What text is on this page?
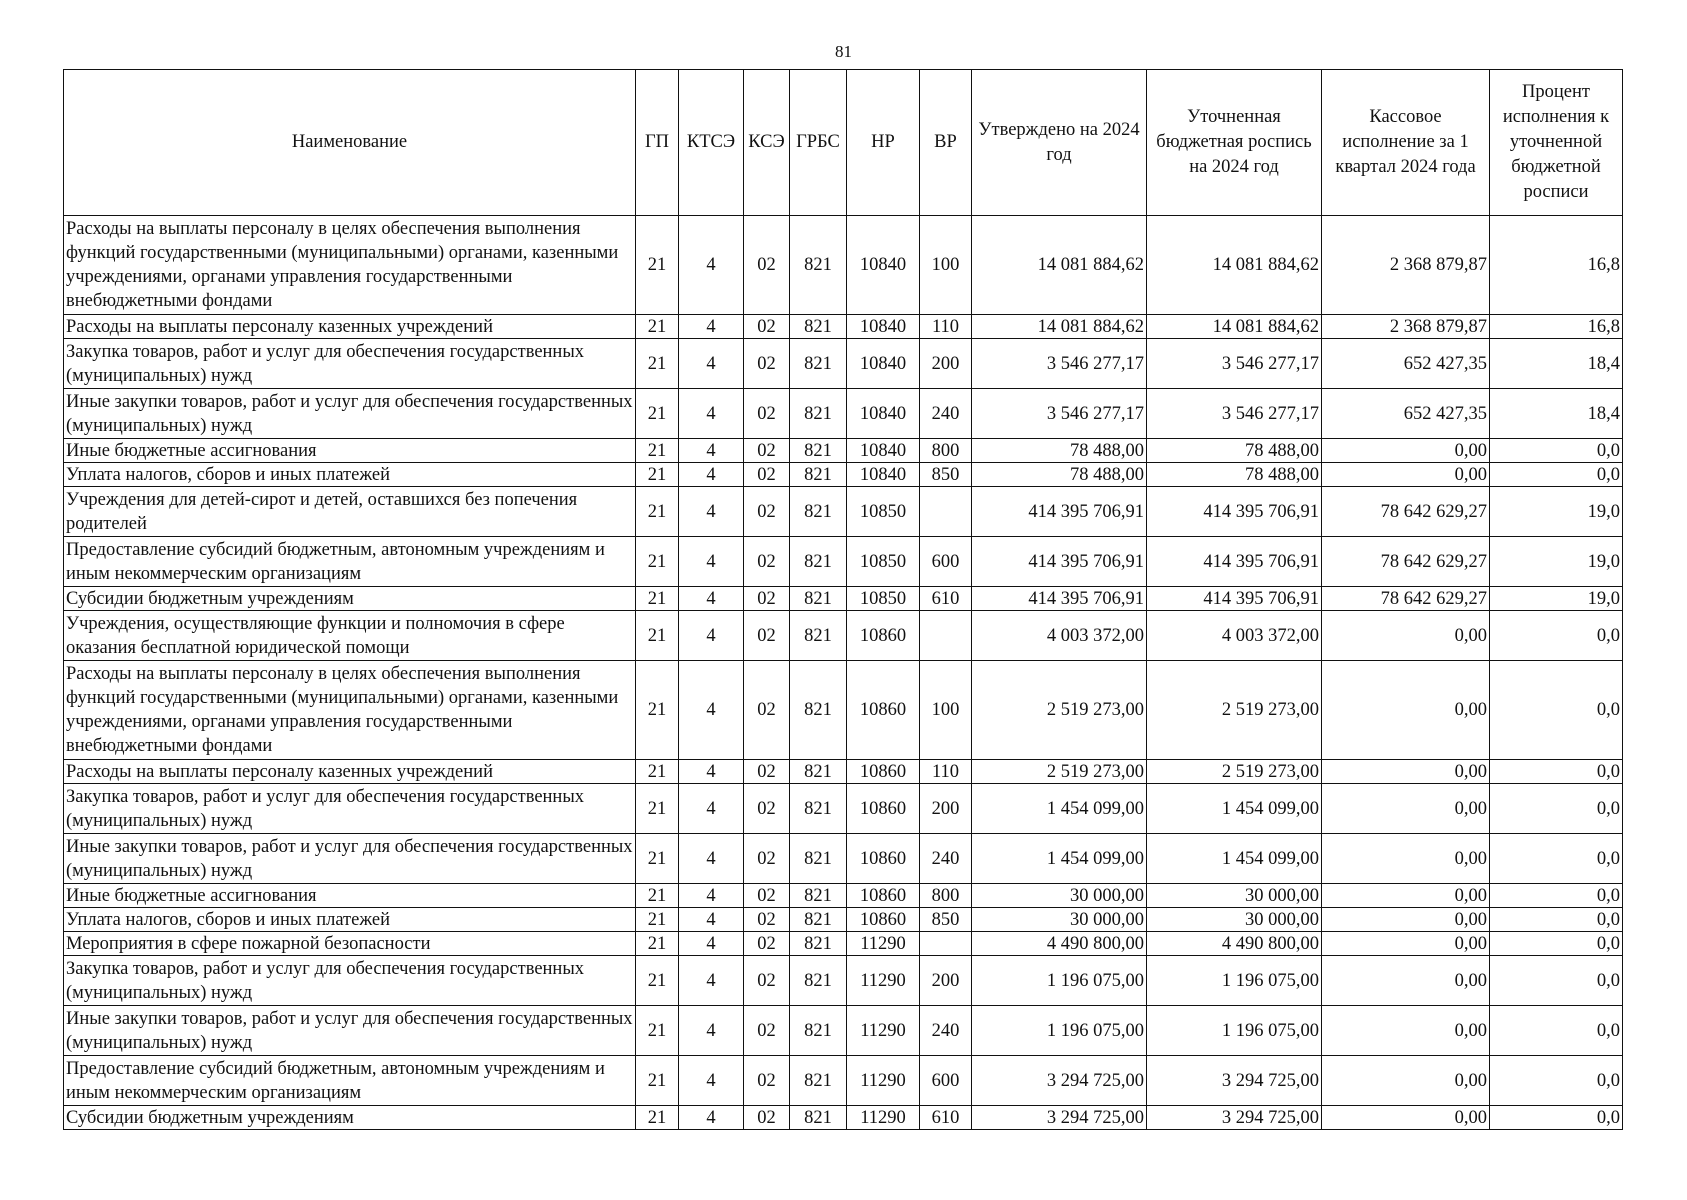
81
Наименование	ГП	КТСЭ	КСЭ	ГРБС	НР	ВР	Утверждено на 2024 год	Уточненная бюджетная роспись на 2024 год	Кассовое исполнение за 1 квартал 2024 года	Процент исполнения к уточненной бюджетной росписи
Расходы на выплаты персоналу в целях обеспечения выполнения функций государственными (муниципальными) органами, казенными учреждениями, органами управления государственными внебюджетными фондами	21	4	02	821	10840	100	14 081 884,62	14 081 884,62	2 368 879,87	16,8
Расходы на выплаты персоналу казенных учреждений	21	4	02	821	10840	110	14 081 884,62	14 081 884,62	2 368 879,87	16,8
Закупка товаров, работ и услуг для обеспечения государственных (муниципальных) нужд	21	4	02	821	10840	200	3 546 277,17	3 546 277,17	652 427,35	18,4
Иные закупки товаров, работ и услуг для обеспечения государственных (муниципальных) нужд	21	4	02	821	10840	240	3 546 277,17	3 546 277,17	652 427,35	18,4
Иные бюджетные ассигнования	21	4	02	821	10840	800	78 488,00	78 488,00	0,00	0,0
Уплата налогов, сборов и иных платежей	21	4	02	821	10840	850	78 488,00	78 488,00	0,00	0,0
Учреждения для детей-сирот и детей, оставшихся без попечения родителей	21	4	02	821	10850		414 395 706,91	414 395 706,91	78 642 629,27	19,0
Предоставление субсидий бюджетным, автономным учреждениям и иным некоммерческим организациям	21	4	02	821	10850	600	414 395 706,91	414 395 706,91	78 642 629,27	19,0
Субсидии бюджетным учреждениям	21	4	02	821	10850	610	414 395 706,91	414 395 706,91	78 642 629,27	19,0
Учреждения, осуществляющие функции и полномочия в сфере оказания бесплатной юридической помощи	21	4	02	821	10860		4 003 372,00	4 003 372,00	0,00	0,0
Расходы на выплаты персоналу в целях обеспечения выполнения функций государственными (муниципальными) органами, казенными учреждениями, органами управления государственными внебюджетными фондами	21	4	02	821	10860	100	2 519 273,00	2 519 273,00	0,00	0,0
Расходы на выплаты персоналу казенных учреждений	21	4	02	821	10860	110	2 519 273,00	2 519 273,00	0,00	0,0
Закупка товаров, работ и услуг для обеспечения государственных (муниципальных) нужд	21	4	02	821	10860	200	1 454 099,00	1 454 099,00	0,00	0,0
Иные закупки товаров, работ и услуг для обеспечения государственных (муниципальных) нужд	21	4	02	821	10860	240	1 454 099,00	1 454 099,00	0,00	0,0
Иные бюджетные ассигнования	21	4	02	821	10860	800	30 000,00	30 000,00	0,00	0,0
Уплата налогов, сборов и иных платежей	21	4	02	821	10860	850	30 000,00	30 000,00	0,00	0,0
Мероприятия в сфере пожарной безопасности	21	4	02	821	11290		4 490 800,00	4 490 800,00	0,00	0,0
Закупка товаров, работ и услуг для обеспечения государственных (муниципальных) нужд	21	4	02	821	11290	200	1 196 075,00	1 196 075,00	0,00	0,0
Иные закупки товаров, работ и услуг для обеспечения государственных (муниципальных) нужд	21	4	02	821	11290	240	1 196 075,00	1 196 075,00	0,00	0,0
Предоставление субсидий бюджетным, автономным учреждениям и иным некоммерческим организациям	21	4	02	821	11290	600	3 294 725,00	3 294 725,00	0,00	0,0
Субсидии бюджетным учреждениям	21	4	02	821	11290	610	3 294 725,00	3 294 725,00	0,00	0,0
